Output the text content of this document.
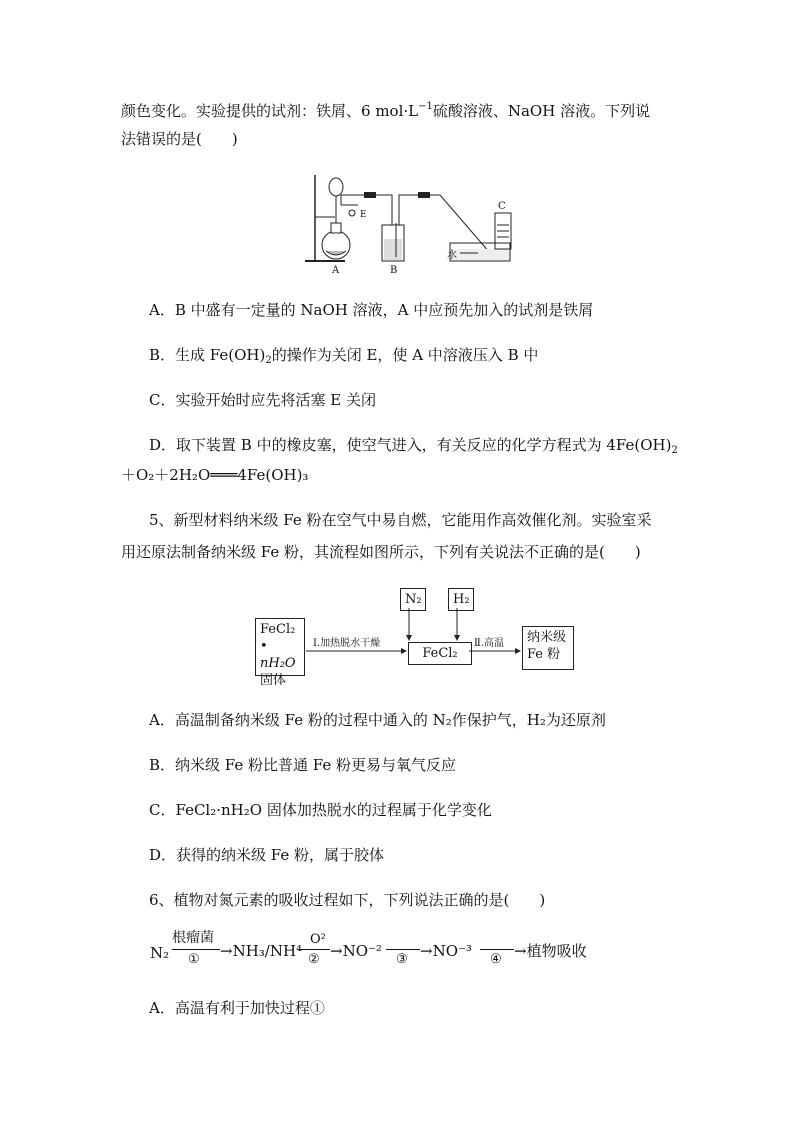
颜色变化。实验提供的试剂：铁屑、6 $mol\cdot L^{-1}$硫酸溶液、NaOH 溶液。下列说
法错误的是(　　)
E
水
C
A	B
A．B 中盛有一定量的 NaOH 溶液，A 中应预先加入的试剂是铁屑
B．生成 $Fe(OH)_2$的操作为关闭 E，使 A 中溶液压入 B 中
C．实验开始时应先将活塞 E 关闭
D．取下装置 B 中的橡皮塞，使空气进入，有关反应的化学方程式为 $4Fe(OH)_2$
＋O₂＋2H₂O═══4Fe(OH)₃
5、新型材料纳米级 Fe 粉在空气中易自燃，它能用作高效催化剂。实验室采
用还原法制备纳米级 Fe 粉，其流程如图所示，下列有关说法不正确的是(　　)
FeCl₂ •
nH₂O
固体
Ⅰ.加热脱水干燥
N₂	H₂
FeCl₂
Ⅱ.高温 纳米级
Fe 粉
A．高温制备纳米级 Fe 粉的过程中通入的 N₂作保护气，H₂为还原剂
B．纳米级 Fe 粉比普通 Fe 粉更易与氧气反应
C．FeCl₂·nH₂O 固体加热脱水的过程属于化学变化
D．获得的纳米级 Fe 粉，属于胶体
6、植物对氮元素的吸收过程如下，下列说法正确的是(　　)
N₂
根瘤菌
① →NH₃/NH⁴
O²
② →NO⁻² ③ →NO⁻³ ④ →植物吸收
A．高温有利于加快过程①
